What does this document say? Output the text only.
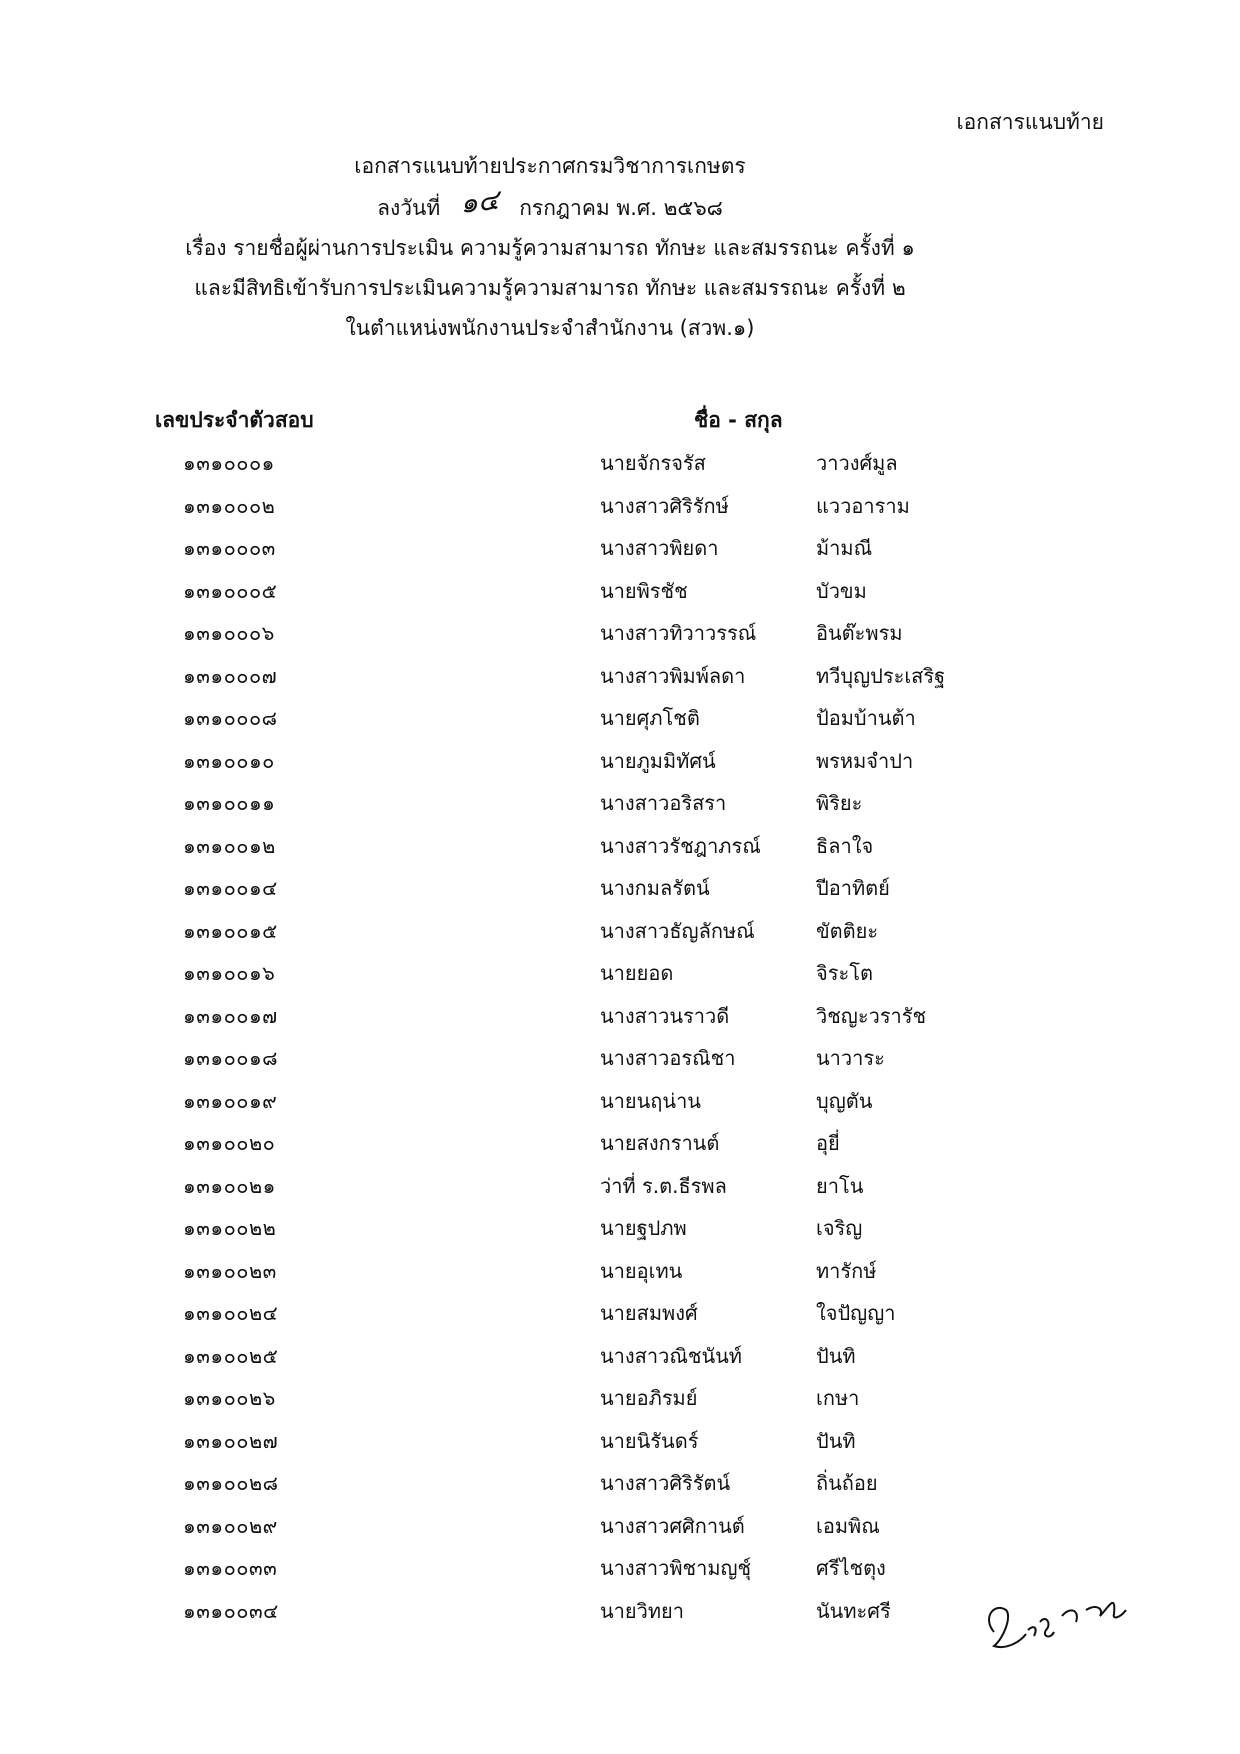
เอกสารแนบท้าย
เอกสารแนบท้ายประกาศกรมวิชาการเกษตร
ลงวันที่ ๑๔ กรกฎาคม พ.ศ. ๒๕๖๘
เรื่อง รายชื่อผู้ผ่านการประเมิน ความรู้ความสามารถ ทักษะ และสมรรถนะ ครั้งที่ ๑
และมีสิทธิเข้ารับการประเมินความรู้ความสามารถ ทักษะ และสมรรถนะ ครั้งที่ ๒
ในตำแหน่งพนักงานประจำสำนักงาน (สวพ.๑)
เลขประจำตัวสอบ	ชื่อ - สกุล
๑๓๑๐๐๐๑	นายจักรจรัส	วาวงศ์มูล
๑๓๑๐๐๐๒	นางสาวศิริรักษ์	แววอาราม
๑๓๑๐๐๐๓	นางสาวพิยดา	ม้ามณี
๑๓๑๐๐๐๕	นายพิรชัช	บัวขม
๑๓๑๐๐๐๖	นางสาวทิวาวรรณ์	อินต๊ะพรม
๑๓๑๐๐๐๗	นางสาวพิมพ์ลดา	ทวีบุญประเสริฐ
๑๓๑๐๐๐๘	นายศุภโชติ	ป้อมบ้านต้า
๑๓๑๐๐๑๐	นายภูมมิทัศน์	พรหมจำปา
๑๓๑๐๐๑๑	นางสาวอริสรา	พิริยะ
๑๓๑๐๐๑๒	นางสาวรัชฎาภรณ์	ธิลาใจ
๑๓๑๐๐๑๔	นางกมลรัตน์	ปีอาทิตย์
๑๓๑๐๐๑๕	นางสาวธัญลักษณ์	ขัตติยะ
๑๓๑๐๐๑๖	นายยอด	จิระโต
๑๓๑๐๐๑๗	นางสาวนราวดี	วิชญะวรารัช
๑๓๑๐๐๑๘	นางสาวอรณิชา	นาวาระ
๑๓๑๐๐๑๙	นายนฤน่าน	บุญตัน
๑๓๑๐๐๒๐	นายสงกรานต์	อุยี่
๑๓๑๐๐๒๑	ว่าที่ ร.ต.ธีรพล	ยาโน
๑๓๑๐๐๒๒	นายฐปภพ	เจริญ
๑๓๑๐๐๒๓	นายอุเทน	ทารักษ์
๑๓๑๐๐๒๔	นายสมพงศ์	ใจปัญญา
๑๓๑๐๐๒๕	นางสาวณิชนันท์	ปันทิ
๑๓๑๐๐๒๖	นายอภิรมย์	เกษา
๑๓๑๐๐๒๗	นายนิรันดร์	ปันทิ
๑๓๑๐๐๒๘	นางสาวศิริรัตน์	ถิ่นถ้อย
๑๓๑๐๐๒๙	นางสาวศศิกานต์	เอมพิณ
๑๓๑๐๐๓๓	นางสาวพิชามญชุ์	ศรีไชตุง
๑๓๑๐๐๓๔	นายวิทยา	นันทะศรี
